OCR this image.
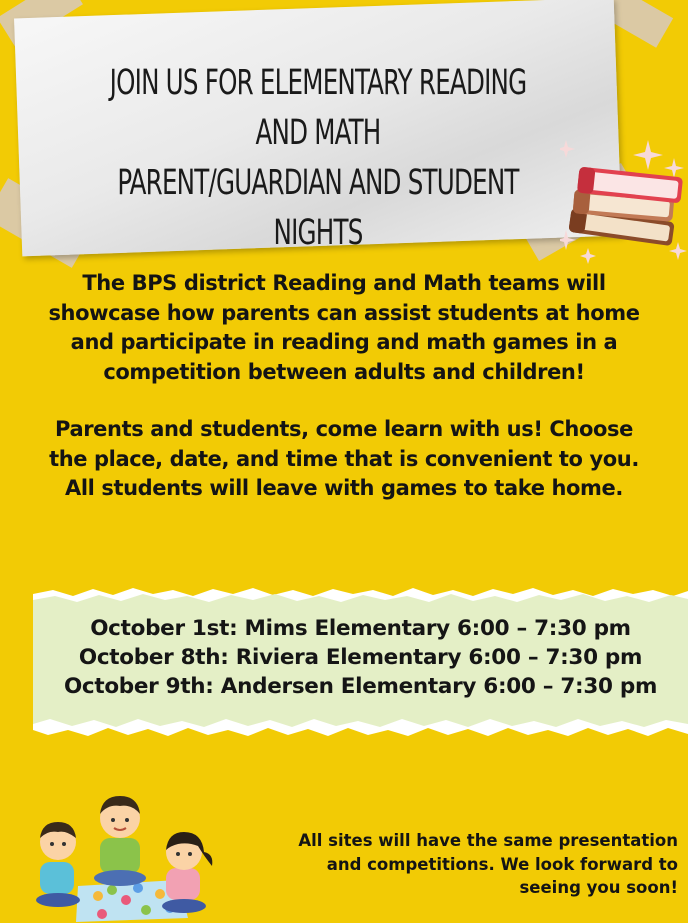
JOIN US FOR ELEMENTARY READING AND MATH
PARENT/GUARDIAN AND STUDENT NIGHTS
The BPS district Reading and Math teams will
showcase how parents can assist students at home
and participate in reading and math games in a
competition between adults and children!
Parents and students, come learn with us! Choose
the place, date, and time that is convenient to you.
All students will leave with games to take home.
October 1st: Mims Elementary 6:00 – 7:30 pm
October 8th: Riviera Elementary 6:00 – 7:30 pm
October 9th: Andersen Elementary 6:00 – 7:30 pm
All sites will have the same presentation
and competitions. We look forward to
seeing you soon!
